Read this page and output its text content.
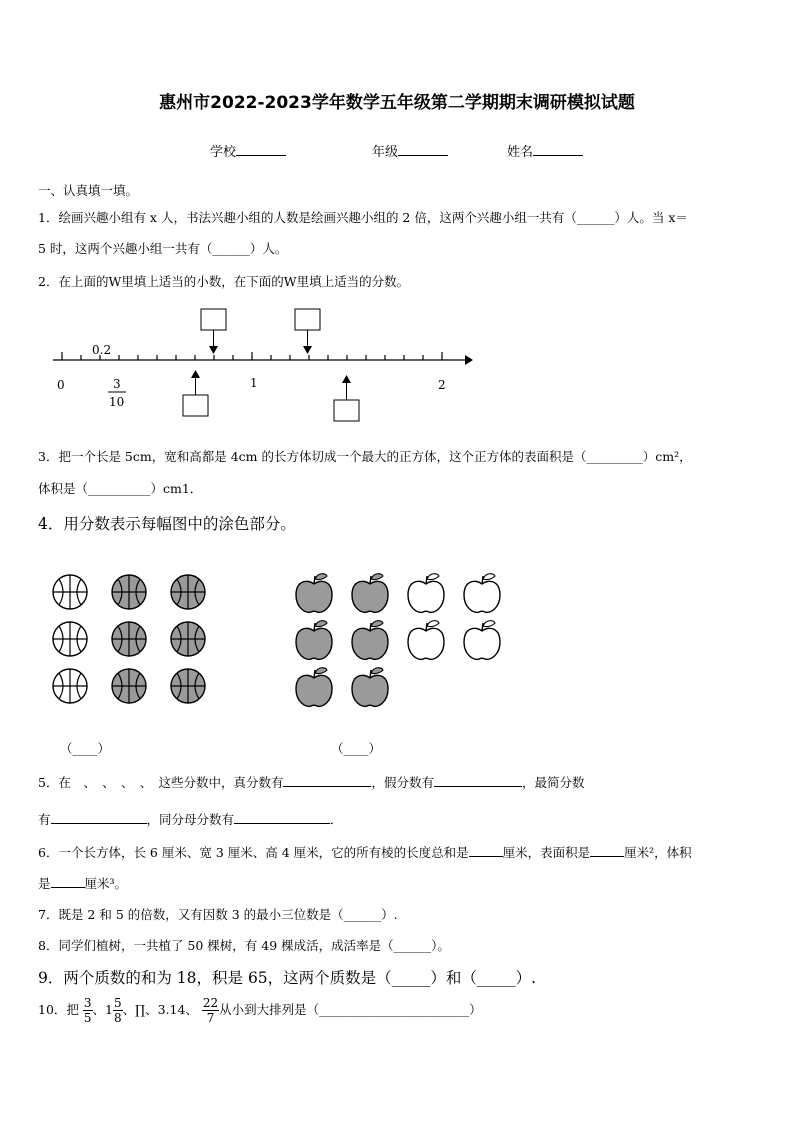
惠州市2022-2023学年数学五年级第二学期期末调研模拟试题
学校	年级	姓名
一、认真填一填。
1．绘画兴趣小组有 x 人，书法兴趣小组的人数是绘画兴趣小组的 2 倍，这两个兴趣小组一共有（______）人。当 x＝
5 时，这两个兴趣小组一共有（______）人。
2．在上面的W里填上适当的小数，在下面的W里填上适当的分数。
0.2
0	1	2
3
10
3．把一个长是 5cm，宽和高都是 4cm 的长方体切成一个最大的正方体，这个正方体的表面积是（_________）cm²，
体积是（__________）cm1．
4．用分数表示每幅图中的涂色部分。
（____）	（____）
5．在　、　、　、　、　这些分数中，真分数有	，假分数有	，最简分数
有	，同分母分数有	．
6．一个长方体，长 6 厘米、宽 3 厘米、高 4 厘米，它的所有棱的长度总和是	厘米，表面积是	厘米²，体积
是	厘米³。
7．既是 2 和 5 的倍数，又有因数 3 的最小三位数是（______）.
8．同学们植树，一共植了 50 棵树，有 49 棵成活，成活率是（______）。
9．两个质数的和为 18，积是 65，这两个质数是（_____）和（_____）.
10．把 $\frac{3}{5}$ 、$1 \frac{5}{8}$ 、∏、3.14、 $\frac{22}{7}$ 从小到大排列是（________________________）
